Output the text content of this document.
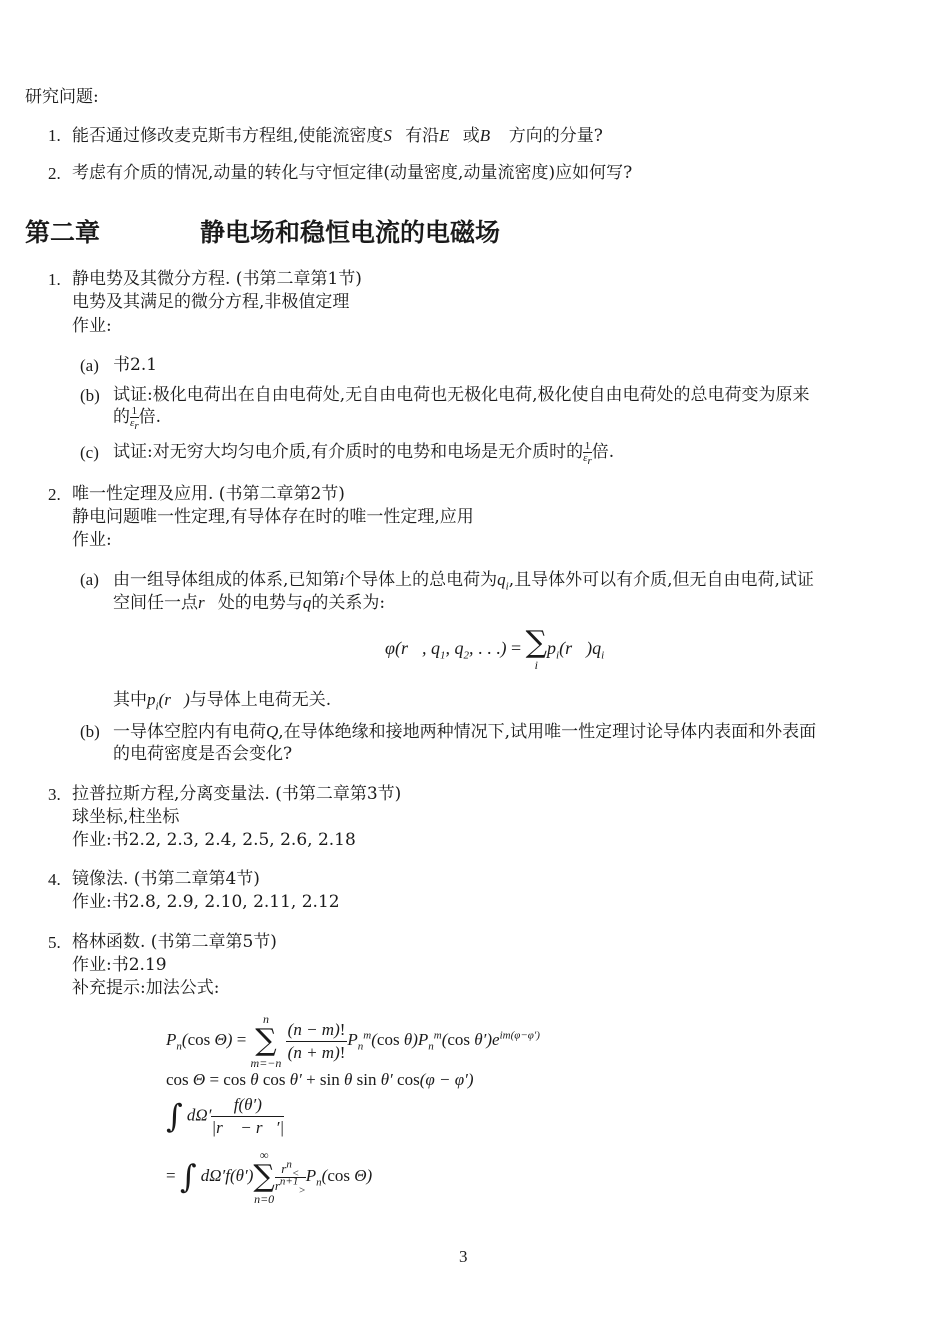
研究问题:
1. 能否通过修改麦克斯韦方程组,使能流密度S⃗有沿E⃗或B⃗ 方向的分量?
2. 考虑有介质的情况,动量的转化与守恒定律(动量密度,动量流密度)应如何写?
第二章	静电场和稳恒电流的电磁场
1. 静电势及其微分方程. (书第二章第1节)
电势及其满足的微分方程,非极值定理
作业:
(a) 书2.1
(b) 试证:极化电荷出在自由电荷处,无自由电荷也无极化电荷,极化使自由电荷处的总电荷变为原来
的 $\frac{1}{\varepsilon_r}$ 倍.
(c) 试证:对无穷大均匀电介质,有介质时的电势和电场是无介质时的 $\frac{1}{\varepsilon_r}$ 倍.
2. 唯一性定理及应用. (书第二章第2节)
静电问题唯一性定理,有导体存在时的唯一性定理,应用
作业:
(a) 由一组导体组成的体系,已知第i个导体上的总电荷为$q_i$,且导体外可以有介质,但无自由电荷,试证
空间任一点r⃗处的电势与q的关系为:
φ(r⃗, $q_1$, $q_2$, . . .) = ∑
i
$p_i(r⃗)q_i$
其中$p_i(r⃗)$与导体上电荷无关.
(b) 一导体空腔内有电荷Q,在导体绝缘和接地两种情况下,试用唯一性定理讨论导体内表面和外表面
的电荷密度是否会变化?
3. 拉普拉斯方程,分离变量法. (书第二章第3节)
球坐标,柱坐标
作业:书2.2, 2.3, 2.4, 2.5, 2.6, 2.18
4. 镜像法. (书第二章第4节)
作业:书2.8, 2.9, 2.10, 2.11, 2.12
5. 格林函数. (书第二章第5节)
作业:书2.19
补充提示:加法公式:
$P_n(\cos$ Θ) =
n
∑
m=−n
$\frac{(n - m)!}{(n + m)!}P_n^m(\cos$ $\theta)P_n^m(\cos$ $\theta')e^{im(\varphi-\varphi')}$
cos Θ = cos θ cos θ′ + sin θ sin θ′ cos(φ − φ′)
∫ $d\Omega' \frac{f(\theta')}{|r⃗ - r⃗'|}$
= ∫ dΩ′f(θ′)
∞
∑
n=0
$\frac{r^n_<}{r^{n+1}_>}P_n(\cos$ Θ)
3
